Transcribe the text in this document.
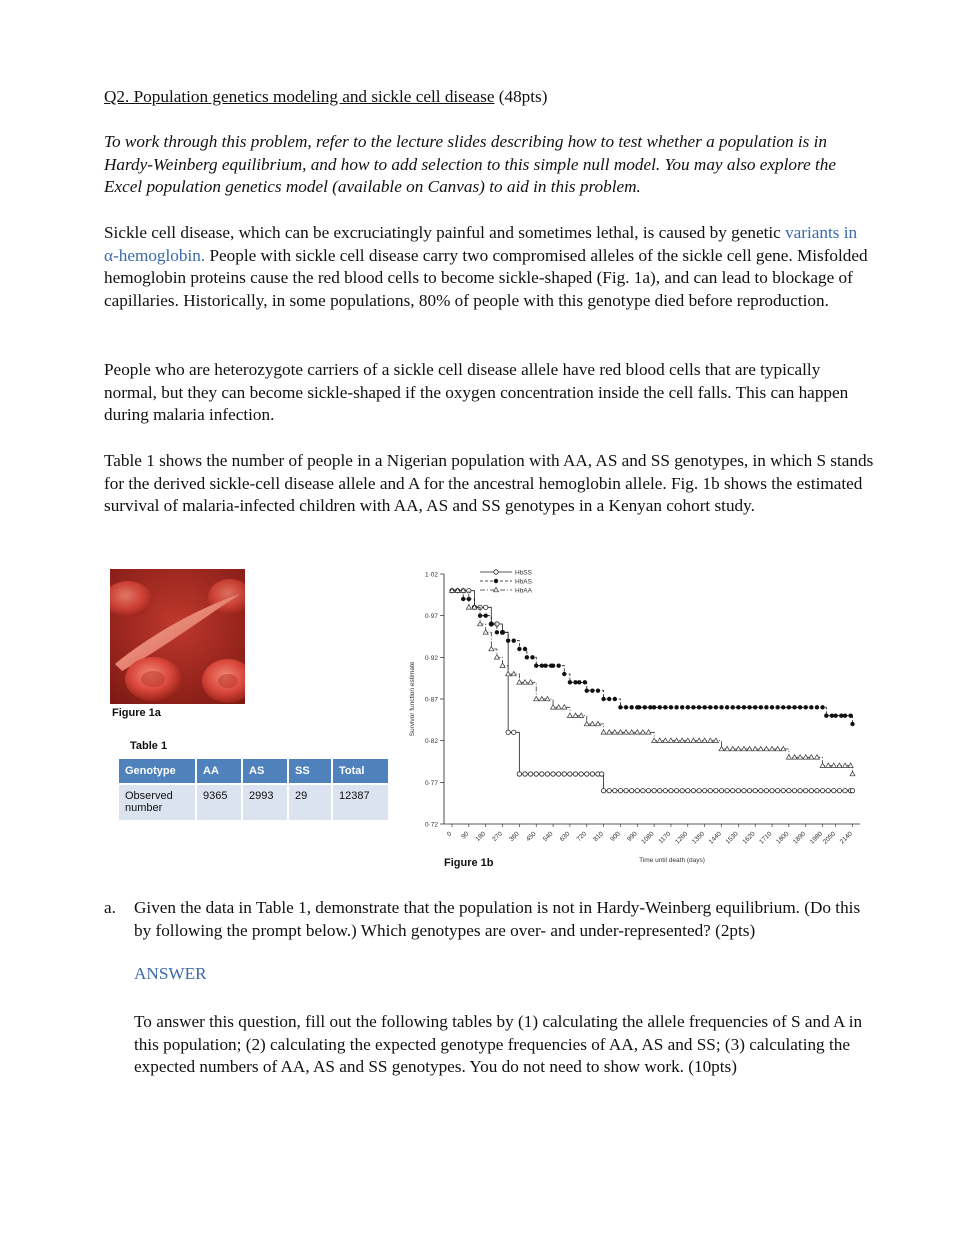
Q2. Population genetics modeling and sickle cell disease (48pts)

To work through this problem, refer to the lecture slides describing how to test whether a population is in Hardy-Weinberg equilibrium, and how to add selection to this simple null model. You may also explore the Excel population genetics model (available on Canvas) to aid in this problem.

Sickle cell disease, which can be excruciatingly painful and sometimes lethal, is caused by genetic variants in α-hemoglobin. People with sickle cell disease carry two compromised alleles of the sickle cell gene. Misfolded hemoglobin proteins cause the red blood cells to become sickle-shaped (Fig. 1a), and can lead to blockage of capillaries. Historically, in some populations, 80% of people with this genotype died before reproduction.

People who are heterozygote carriers of a sickle cell disease allele have red blood cells that are typically normal, but they can become sickle-shaped if the oxygen concentration inside the cell falls. This can happen during malaria infection.

Table 1 shows the number of people in a Nigerian population with AA, AS and SS genotypes, in which S stands for the derived sickle-cell disease allele and A for the ancestral hemoglobin allele. Fig. 1b shows the estimated survival of malaria-infected children with AA, AS and SS genotypes in a Kenyan cohort study.

Figure 1a
Table 1
Genotype	AA	AS	SS	Total
Observed number	9365	2993	29	12387
1·02
0·97
0·92
0·87
0·82
0·77
0·72
0 90 180 270 360 450 540 630 720 810 900 990 1080 1170 1260 1350 1440 1530 1620 1710 1800 1890 1980
2050 2140
Time until death (days)
Survivor function estimate
HbSS
HbAS
HbAA
Figure 1b
a.	Given the data in Table 1, demonstrate that the population is not in Hardy-Weinberg equilibrium. (Do this by following the prompt below.) Which genotypes are over- and under-represented? (2pts)
ANSWER
To answer this question, fill out the following tables by (1) calculating the allele frequencies of S and A in this population; (2) calculating the expected genotype frequencies of AA, AS and SS; (3) calculating the expected numbers of AA, AS and SS genotypes. You do not need to show work. (10pts)
